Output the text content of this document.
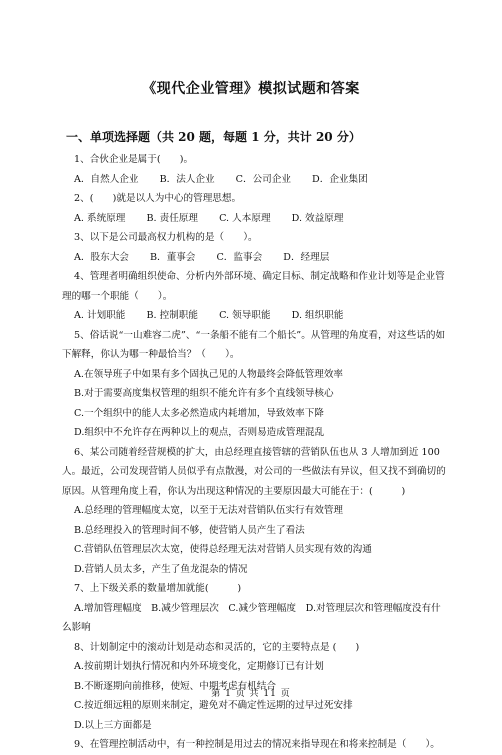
《现代企业管理》模拟试题和答案
一、单项选择题（共 20 题，每题 1 分，共计 20 分）

1、合伙企业是属于(　　)。

A．自然人企业 B．法人企业 C．公司企业 D．企业集团

2、(　　)就是以人为中心的管理思想。

A. 系统原理 B. 责任原理 C. 人本原理 D. 效益原理

3、以下是公司最高权力机构的是（　　）。

A．股东大会 B．董事会 C．监事会 D．经理层

4、管理者明确组织使命、分析内外部环境、确定目标、制定战略和作业计划等是企业管理的哪一个职能（　　）。

A. 计划职能 B. 控制职能 C. 领导职能 D. 组织职能

5、俗话说“一山难容二虎”、“一条船不能有二个船长”。从管理的角度看，对这些话的如下解释，你认为哪一种最恰当？（　　）。

A.在领导班子中如果有多个固执己见的人物最终会降低管理效率

B.对于需要高度集权管理的组织不能允许有多个直线领导核心

C.一个组织中的能人太多必然造成内耗增加，导致效率下降

D.组织中不允许存在两种以上的观点，否则易造成管理混乱

6、某公司随着经营规模的扩大，由总经理直接管辖的营销队伍也从 3 人增加到近 100 人。最近，公司发现营销人员似乎有点散漫，对公司的一些做法有异议，但又找不到确切的原因。从管理角度上看，你认为出现这种情况的主要原因最大可能在于：(　　　)

A.总经理的管理幅度太宽，以至于无法对营销队伍实行有效管理

B.总经理投入的管理时间不够，使营销人员产生了看法

C.营销队伍管理层次太宽，使得总经理无法对营销人员实现有效的沟通

D.营销人员太多，产生了鱼龙混杂的情况

7、上下级关系的数量增加就能(　　　)

A.增加管理幅度　B.减少管理层次　C.减少管理幅度　D.对管理层次和管理幅度没有什么影响

8、计划制定中的滚动计划是动态和灵活的，它的主要特点是 (　　)

A.按前期计划执行情况和内外环境变化，定期修订已有计划

B.不断逐期向前推移，使短、中期考虑有机结合

C.按近细远粗的原则来制定，避免对不确定性远期的过早过死安排

D.以上三方面都是

9、在管理控制活动中，有一种控制是用过去的情况来指导现在和将来控制是（　　）。

第 1 页 共 11 页
